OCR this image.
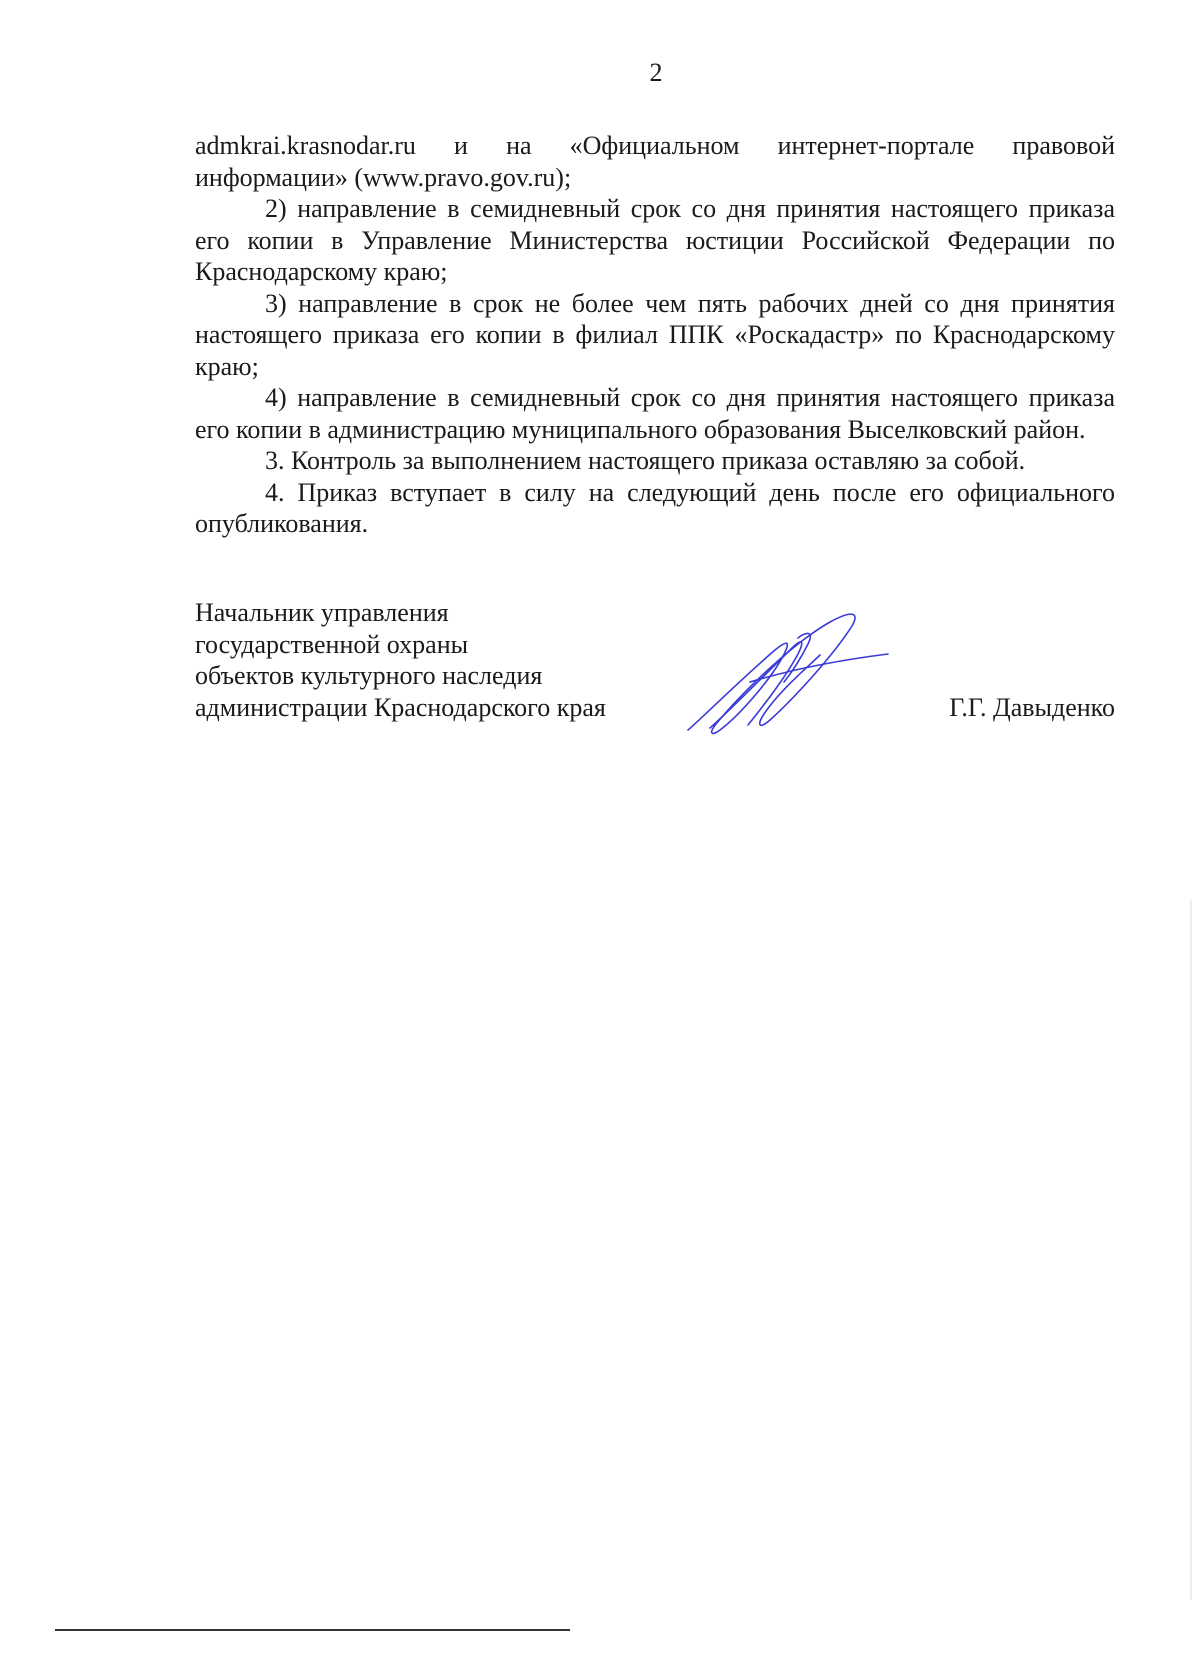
2

admkrai.krasnodar.ru и на «Официальном интернет-портале правовой информации» (www.pravo.gov.ru);

2) направление в семидневный срок со дня принятия настоящего приказа его копии в Управление Министерства юстиции Российской Федерации по Краснодарскому краю;

3) направление в срок не более чем пять рабочих дней со дня принятия настоящего приказа его копии в филиал ППК «Роскадастр» по Краснодарскому краю;

4) направление в семидневный срок со дня принятия настоящего приказа его копии в администрацию муниципального образования Выселковский район.

3. Контроль за выполнением настоящего приказа оставляю за собой.

4. Приказ вступает в силу на следующий день после его официального опубликования.

Начальник управления
государственной охраны
объектов культурного наследия
администрации Краснодарского края	Г.Г. Давыденко
